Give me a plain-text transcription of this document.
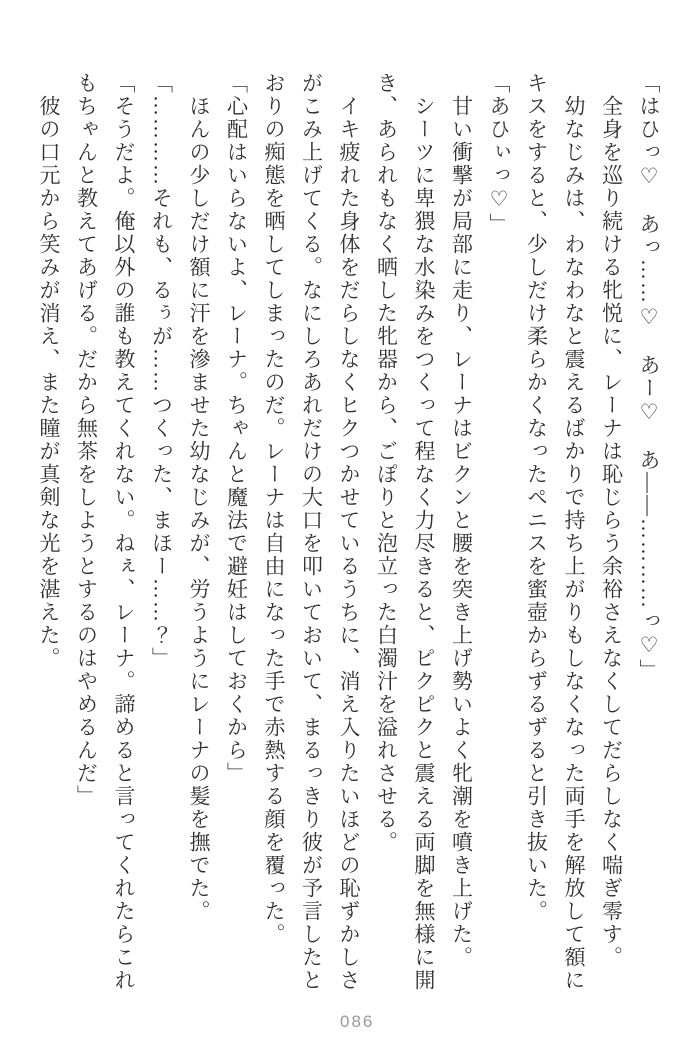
「はひっ♡　あっ……♡　あー♡　あ――…………っ♡」

全身を巡り続ける牝悦に、レーナは恥じらう余裕さえなくしてだらしなく喘ぎ零す。

幼なじみは、わなわなと震えるばかりで持ち上がりもしなくなった両手を解放して額に

キスをすると、少しだけ柔らかくなったペニスを蜜壺からずるずると引き抜いた。

「あひぃっ♡」

甘い衝撃が局部に走り、レーナはビクンと腰を突き上げ勢いよく牝潮を噴き上げた。

シーツに卑猥な水染みをつくって程なく力尽きると、ピクピクと震える両脚を無様に開

き、あられもなく晒した牝器から、ごぽりと泡立った白濁汁を溢れさせる。

イキ疲れた身体をだらしなくヒクつかせているうちに、消え入りたいほどの恥ずかしさ

がこみ上げてくる。なにしろあれだけの大口を叩いておいて、まるっきり彼が予言したと

おりの痴態を晒してしまったのだ。レーナは自由になった手で赤熱する顔を覆った。

「心配はいらないよ、レーナ。ちゃんと魔法で避妊はしておくから」

ほんの少しだけ額に汗を滲ませた幼なじみが、労うようにレーナの髪を撫でた。

「…………それも、るぅが……つくった、まほー……？」

「そうだよ。俺以外の誰も教えてくれない。ねぇ、レーナ。諦めると言ってくれたらこれ

もちゃんと教えてあげる。だから無茶をしようとするのはやめるんだ」

彼の口元から笑みが消え、また瞳が真剣な光を湛えた。

086
